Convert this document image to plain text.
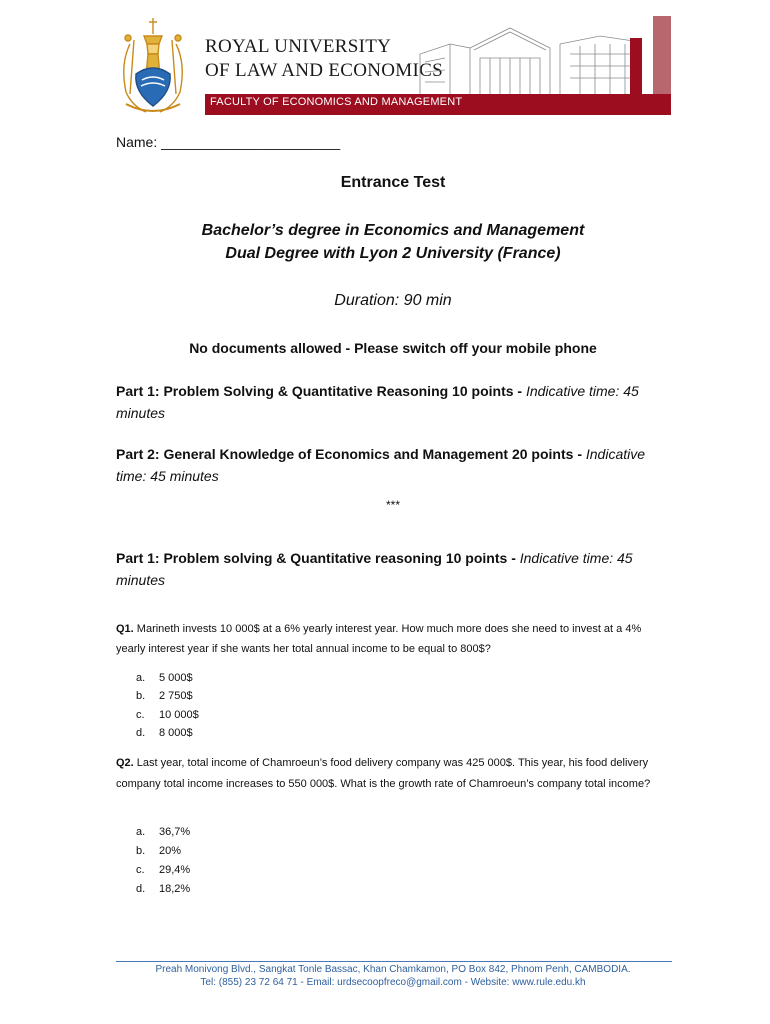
ROYAL UNIVERSITY
OF LAW AND ECONOMICS
FACULTY OF ECONOMICS AND MANAGEMENT
Name: _______________________
Entrance Test
Bachelor’s degree in Economics and Management
Dual Degree with Lyon 2 University (France)
Duration: 90 min
No documents allowed - Please switch off your mobile phone
Part 1: Problem Solving & Quantitative Reasoning 10 points - Indicative time: 45 minutes
Part 2: General Knowledge of Economics and Management 20 points - Indicative time: 45 minutes
***
Part 1: Problem solving & Quantitative reasoning 10 points - Indicative time: 45 minutes
Q1. Marineth invests 10 000$ at a 6% yearly interest year. How much more does she need to invest at a 4% yearly interest year if she wants her total annual income to be equal to 800$?
a. 5 000$
b. 2 750$
c. 10 000$
d. 8 000$
Q2. Last year, total income of Chamroeun’s food delivery company was 425 000$. This year, his food delivery company total income increases to 550 000$. What is the growth rate of Chamroeun’s company total income?
a. 36,7%
b. 20%
c. 29,4%
d. 18,2%
Preah Monivong Blvd., Sangkat Tonle Bassac, Khan Chamkamon, PO Box 842, Phnom Penh, CAMBODIA.
Tel: (855) 23 72 64 71 - Email: urdsecoopfreco@gmail.com - Website: www.rule.edu.kh
